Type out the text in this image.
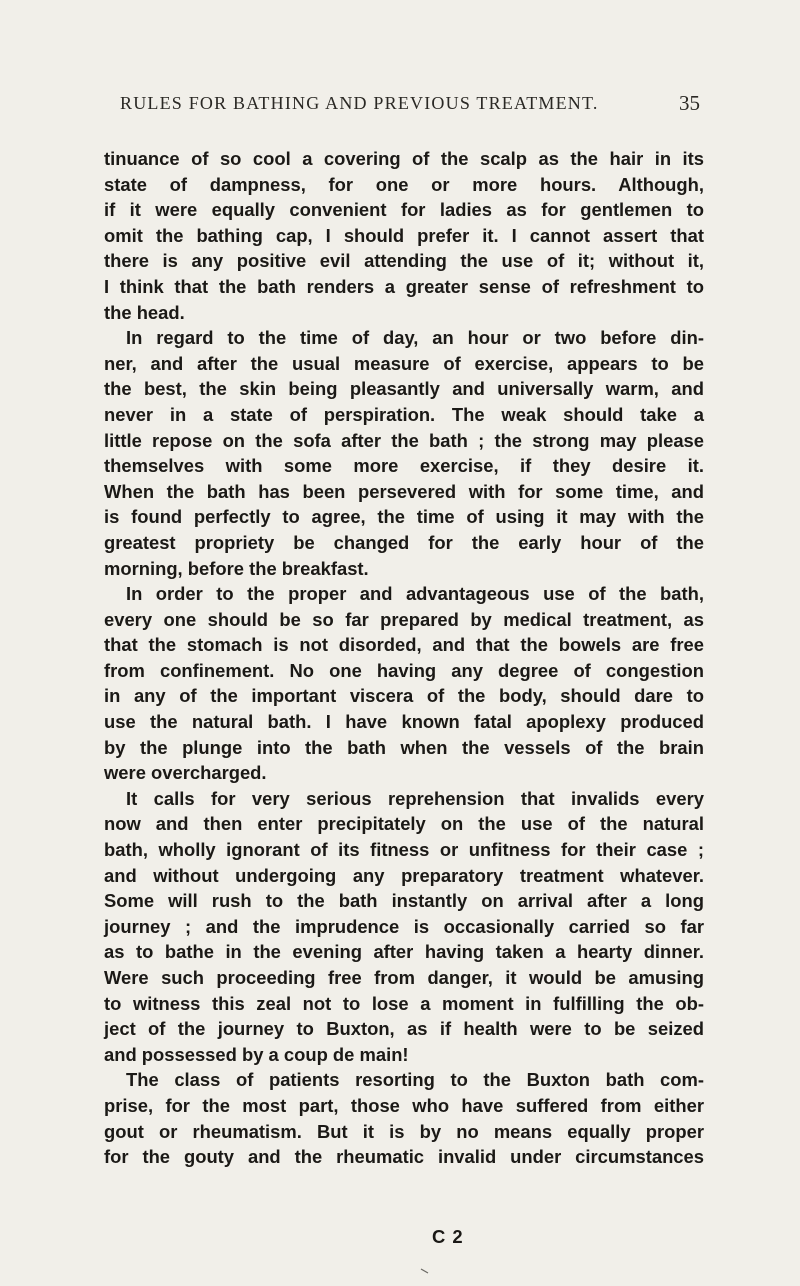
RULES FOR BATHING AND PREVIOUS TREATMENT.	35
tinuance of so cool a covering of the scalp as the hair in its
state of dampness, for one or more hours. Although,
if it were equally convenient for ladies as for gentlemen to
omit the bathing cap, I should prefer it. I cannot assert that
there is any positive evil attending the use of it; without it,
I think that the bath renders a greater sense of refreshment to
the head.
In regard to the time of day, an hour or two before din-
ner, and after the usual measure of exercise, appears to be
the best, the skin being pleasantly and universally warm, and
never in a state of perspiration. The weak should take a
little repose on the sofa after the bath ; the strong may please
themselves with some more exercise, if they desire it.
When the bath has been persevered with for some time, and
is found perfectly to agree, the time of using it may with the
greatest propriety be changed for the early hour of the
morning, before the breakfast.
In order to the proper and advantageous use of the bath,
every one should be so far prepared by medical treatment, as
that the stomach is not disorded, and that the bowels are free
from confinement. No one having any degree of congestion
in any of the important viscera of the body, should dare to
use the natural bath. I have known fatal apoplexy produced
by the plunge into the bath when the vessels of the brain
were overcharged.
It calls for very serious reprehension that invalids every
now and then enter precipitately on the use of the natural
bath, wholly ignorant of its fitness or unfitness for their case ;
and without undergoing any preparatory treatment whatever.
Some will rush to the bath instantly on arrival after a long
journey ; and the imprudence is occasionally carried so far
as to bathe in the evening after having taken a hearty dinner.
Were such proceeding free from danger, it would be amusing
to witness this zeal not to lose a moment in fulfilling the ob-
ject of the journey to Buxton, as if health were to be seized
and possessed by a coup de main!
The class of patients resorting to the Buxton bath com-
prise, for the most part, those who have suffered from either
gout or rheumatism. But it is by no means equally proper
for the gouty and the rheumatic invalid under circumstances
C 2
